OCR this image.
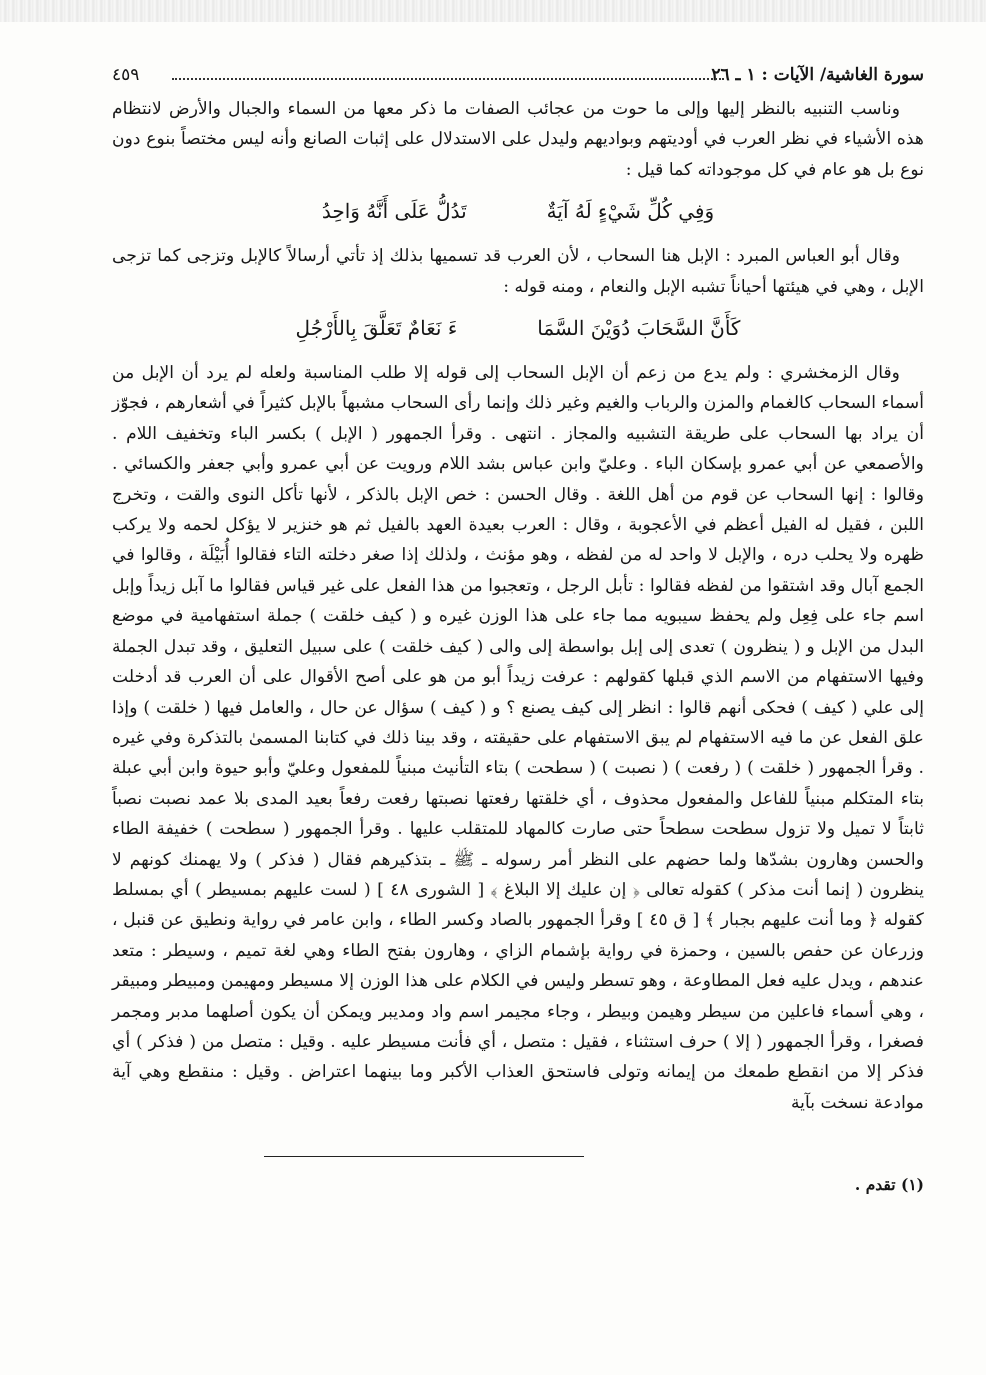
سورة الغاشية/ الآيات : ١ ـ ٢٦
٤٥٩

وناسب التنبيه بالنظر إليها وإلى ما حوت من عجائب الصفات ما ذكر معها من السماء والجبال والأرض لانتظام هذه الأشياء في نظر العرب في أوديتهم وبواديهم وليدل على الاستدلال على إثبات الصانع وأنه ليس مختصاً بنوع دون نوع بل هو عام في كل موجوداته كما قيل :

وَفِي كُلِّ شَيْءٍ لَهُ آيَةٌ
تَدُلُّ عَلَى أَنَّهُ وَاحِدُ

وقال أبو العباس المبرد : الإبل هنا السحاب ، لأن العرب قد تسميها بذلك إذ تأتي أرسالاً كالإبل وتزجى كما تزجى الإبل ، وهي في هيئتها أحياناً تشبه الإبل والنعام ، ومنه قوله :

كَأَنَّ السَّحَابَ دُوَيْنَ السَّمَا
ءَ نَعَامٌ تَعَلَّقَ بِالأَرْجُلِ

وقال الزمخشري : ولم يدع من زعم أن الإبل السحاب إلى قوله إلا طلب المناسبة ولعله لم يرد أن الإبل من أسماء السحاب كالغمام والمزن والرباب والغيم وغير ذلك وإنما رأى السحاب مشبهاً بالإبل كثيراً في أشعارهم ، فجوّز أن يراد بها السحاب على طريقة التشبيه والمجاز . انتهى . وقرأ الجمهور ( الإبل ) بكسر الباء وتخفيف اللام . والأصمعي عن أبي عمرو بإسكان الباء . وعليّ وابن عباس بشد اللام ورويت عن أبي عمرو وأبي جعفر والكسائي . وقالوا : إنها السحاب عن قوم من أهل اللغة . وقال الحسن : خص الإبل بالذكر ، لأنها تأكل النوى والقت ، وتخرج اللبن ، فقيل له الفيل أعظم في الأعجوبة ، وقال : العرب بعيدة العهد بالفيل ثم هو خنزير لا يؤكل لحمه ولا يركب ظهره ولا يحلب دره ، والإبل لا واحد له من لفظه ، وهو مؤنث ، ولذلك إذا صغر دخلته التاء فقالوا أُبَيْلَة ، وقالوا في الجمع آبال وقد اشتقوا من لفظه فقالوا : تأبل الرجل ، وتعجبوا من هذا الفعل على غير قياس فقالوا ما آبل زيداً وإبل اسم جاء على فِعِل ولم يحفظ سيبويه مما جاء على هذا الوزن غيره و ( كيف خلقت ) جملة استفهامية في موضع البدل من الإبل و ( ينظرون ) تعدى إلى إبل بواسطة إلى والى ( كيف خلقت ) على سبيل التعليق ، وقد تبدل الجملة وفيها الاستفهام من الاسم الذي قبلها كقولهم : عرفت زيداً أبو من هو على أصح الأقوال على أن العرب قد أدخلت إلى علي ( كيف ) فحكى أنهم قالوا : انظر إلى كيف يصنع ؟ و ( كيف ) سؤال عن حال ، والعامل فيها ( خلقت ) وإذا علق الفعل عن ما فيه الاستفهام لم يبق الاستفهام على حقيقته ، وقد بينا ذلك في كتابنا المسمىٰ بالتذكرة وفي غيره . وقرأ الجمهور ( خلقت ) ( رفعت ) ( نصبت ) ( سطحت ) بتاء التأنيث مبنياً للمفعول وعليّ وأبو حيوة وابن أبي عبلة بتاء المتكلم مبنياً للفاعل والمفعول محذوف ، أي خلقتها رفعتها نصبتها رفعت رفعاً بعيد المدى بلا عمد نصبت نصباً ثابتاً لا تميل ولا تزول سطحت سطحاً حتى صارت كالمهاد للمتقلب عليها . وقرأ الجمهور ( سطحت ) خفيفة الطاء والحسن وهارون بشدّها ولما حضهم على النظر أمر رسوله ـ ﷺ ـ بتذكيرهم فقال ( فذكر ) ولا يهمنك كونهم لا ينظرون ( إنما أنت مذكر ) كقوله تعالى ﴿ إن عليك إلا البلاغ ﴾ [ الشورى ٤٨ ] ( لست عليهم بمسيطر ) أي بمسلط كقوله ﴿ وما أنت عليهم بجبار ﴾ [ ق ٤٥ ] وقرأ الجمهور بالصاد وكسر الطاء ، وابن عامر في رواية ونطيق عن قنبل ، وزرعان عن حفص بالسين ، وحمزة في رواية بإشمام الزاي ، وهارون بفتح الطاء وهي لغة تميم ، وسيطر : متعد عندهم ، ويدل عليه فعل المطاوعة ، وهو تسطر وليس في الكلام على هذا الوزن إلا مسيطر ومهيمن ومبيطر ومبيقر ، وهي أسماء فاعلين من سيطر وهيمن وبيطر ، وجاء مجيمر اسم واد ومديبر ويمكن أن يكون أصلهما مدبر ومجمر فصغرا ، وقرأ الجمهور ( إلا ) حرف استثناء ، فقيل : متصل ، أي فأنت مسيطر عليه . وقيل : متصل من ( فذكر ) أي فذكر إلا من انقطع طمعك من إيمانه وتولى فاستحق العذاب الأكبر وما بينهما اعتراض . وقيل : منقطع وهي آية موادعة نسخت بآية

(١) تقدم .
